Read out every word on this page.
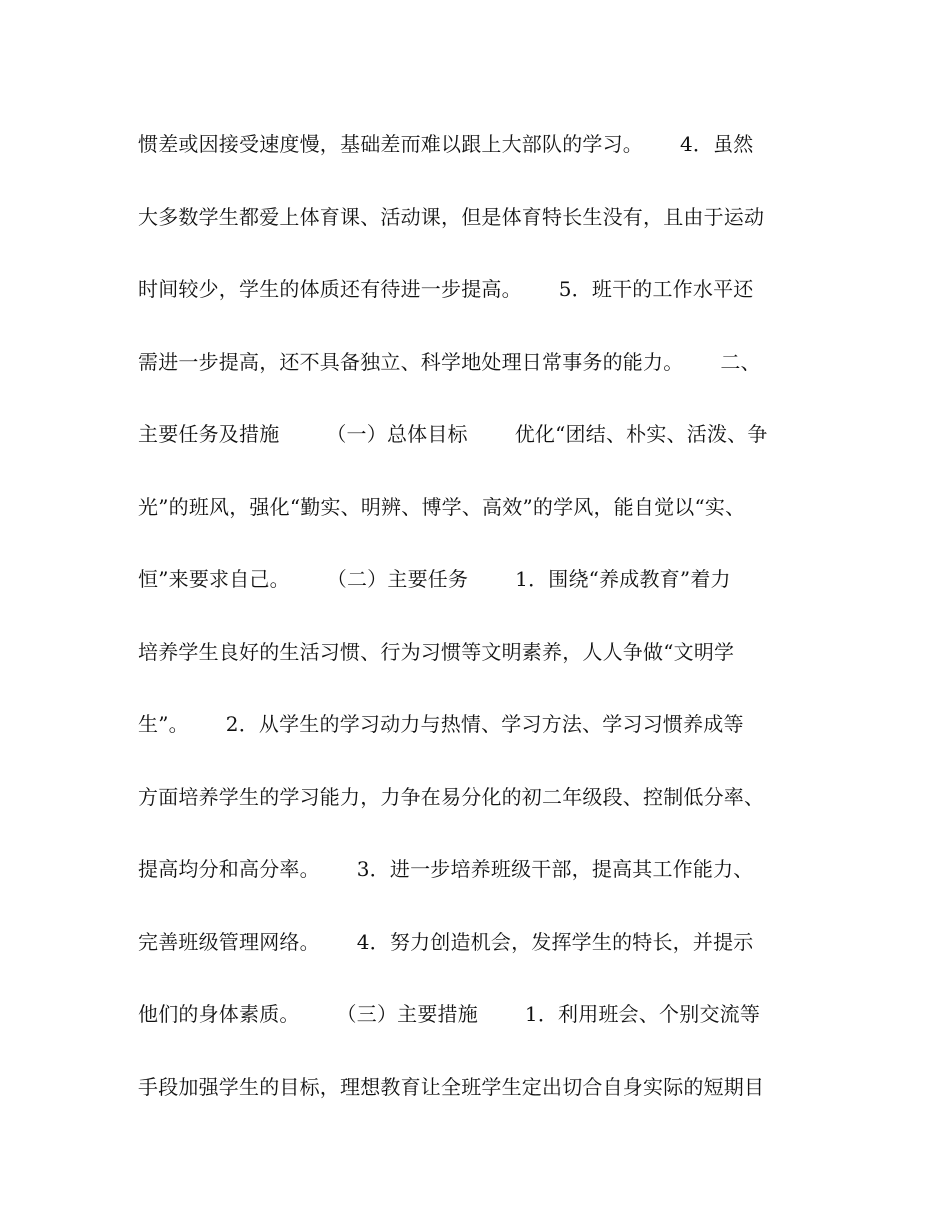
惯差或因接受速度慢，基础差而难以跟上大部队的学习。　　 4．虽然
大多数学生都爱上体育课、活动课，但是体育特长生没有，且由于运动
时间较少，学生的体质还有待进一步提高。　　 5．班干的工作水平还
需进一步提高，还不具备独立、科学地处理日常事务的能力。　　 二、
主要任务及措施　　 （一）总体目标　　 优化“团结、朴实、活泼、争
光”的班风，强化“勤实、明辨、博学、高效”的学风，能自觉以“实、
恒”来要求自己。　　 （二）主要任务　　 1．围绕“养成教育”着力
培养学生良好的生活习惯、行为习惯等文明素养，人人争做“文明学
生”。　　 2．从学生的学习动力与热情、学习方法、学习习惯养成等
方面培养学生的学习能力，力争在易分化的初二年级段、控制低分率、
提高均分和高分率。　　 3．进一步培养班级干部，提高其工作能力、
完善班级管理网络。　　 4．努力创造机会，发挥学生的特长，并提示
他们的身体素质。　　 （三）主要措施　　 1．利用班会、个别交流等
手段加强学生的目标，理想教育让全班学生定出切合自身实际的短期目
